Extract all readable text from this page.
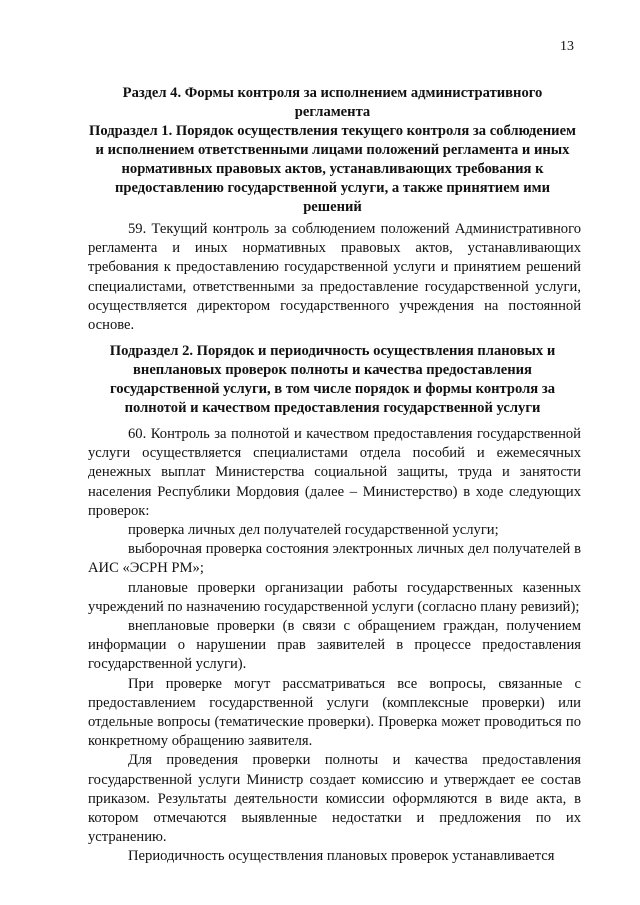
13
Раздел 4. Формы контроля за исполнением административного
регламента
Подраздел 1. Порядок осуществления текущего контроля за соблюдением
и исполнением ответственными лицами положений регламента и иных
нормативных правовых актов, устанавливающих требования к
предоставлению государственной услуги, а также принятием ими
решений

59. Текущий контроль за соблюдением положений Административного регламента и иных нормативных правовых актов, устанавливающих требования к предоставлению государственной услуги и принятием решений специалистами, ответственными за предоставление государственной услуги, осуществляется директором государственного учреждения на постоянной основе.

Подраздел 2. Порядок и периодичность осуществления плановых и
внеплановых проверок полноты и качества предоставления
государственной услуги, в том числе порядок и формы контроля за
полнотой и качеством предоставления государственной услуги

60. Контроль за полнотой и качеством предоставления государственной услуги осуществляется специалистами отдела пособий и ежемесячных денежных выплат Министерства социальной защиты, труда и занятости населения Республики Мордовия (далее – Министерство) в ходе следующих проверок:

проверка личных дел получателей государственной услуги;

выборочная проверка состояния электронных личных дел получателей в АИС «ЭСРН РМ»;

плановые проверки организации работы государственных казенных учреждений по назначению государственной услуги (согласно плану ревизий);

внеплановые проверки (в связи с обращением граждан, получением информации о нарушении прав заявителей в процессе предоставления государственной услуги).

При проверке могут рассматриваться все вопросы, связанные с предоставлением государственной услуги (комплексные проверки) или отдельные вопросы (тематические проверки). Проверка может проводиться по конкретному обращению заявителя.

Для проведения проверки полноты и качества предоставления государственной услуги Министр создает комиссию и утверждает ее состав приказом. Результаты деятельности комиссии оформляются в виде акта, в котором отмечаются выявленные недостатки и предложения по их устранению.

Периодичность осуществления плановых проверок устанавливается
